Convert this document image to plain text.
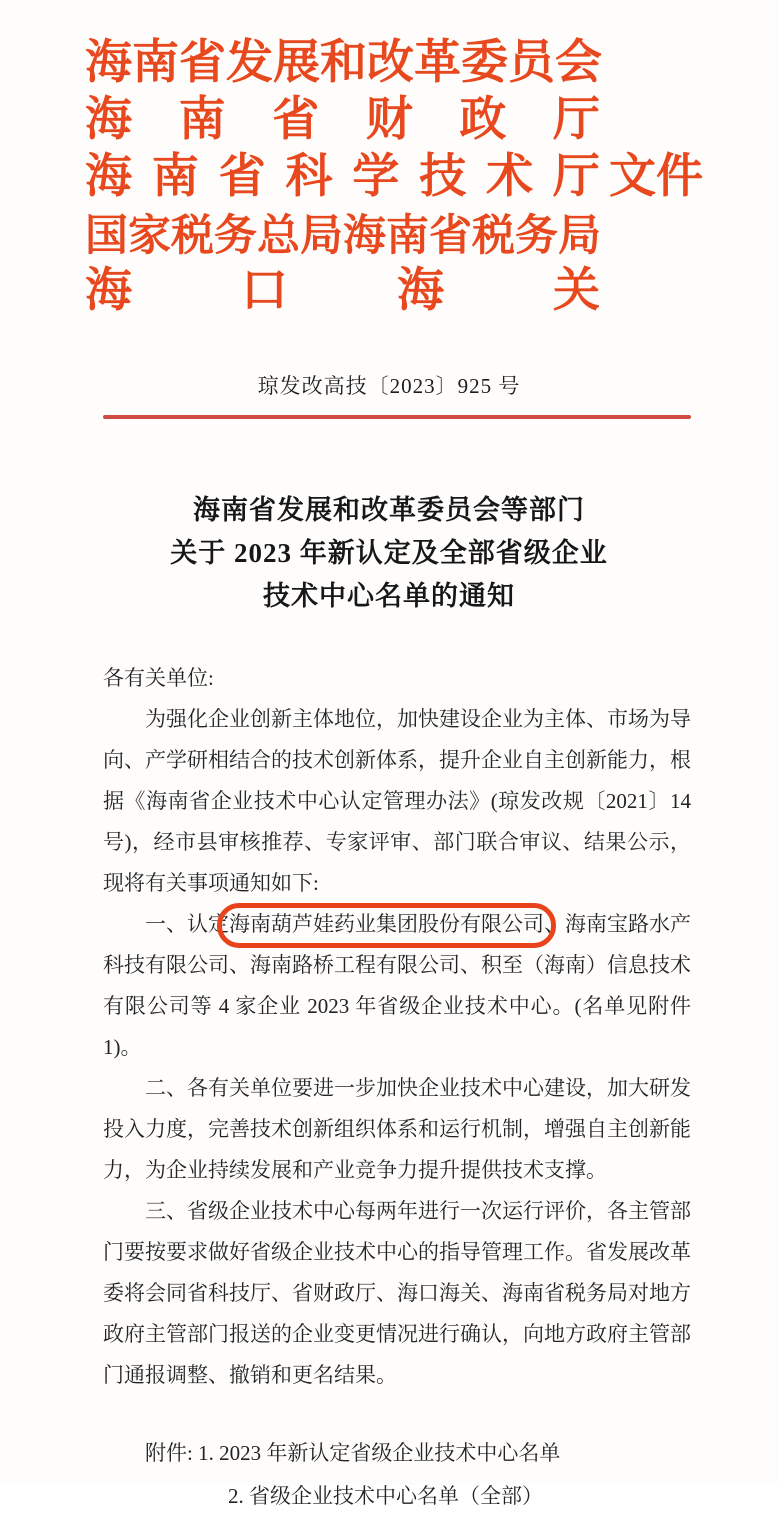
海 南 省 发 展 和 改 革 委 员 会
海 南 省 财 政 厅
海 南 省 科 学 技 术 厅 文件
国 家 税 务 总 局 海 南 省 税 务 局
海 口 海 关
琼发改高技〔2023〕925 号
海南省发展和改革委员会等部门
关于 2023 年新认定及全部省级企业
技术中心名单的通知

各有关单位:

为强化企业创新主体地位，加快建设企业为主体、市场为导向、产学研相结合的技术创新体系，提升企业自主创新能力，根据《海南省企业技术中心认定管理办法》(琼发改规〔2021〕14号)，经市县审核推荐、专家评审、部门联合审议、结果公示，现将有关事项通知如下:

一、认定海南葫芦娃药业集团股份有限公司、海南宝路水产科技有限公司、海南路桥工程有限公司、积至（海南）信息技术有限公司等 4 家企业 2023 年省级企业技术中心。(名单见附件 1)。

二、各有关单位要进一步加快企业技术中心建设，加大研发投入力度，完善技术创新组织体系和运行机制，增强自主创新能力，为企业持续发展和产业竞争力提升提供技术支撑。

三、省级企业技术中心每两年进行一次运行评价，各主管部门要按要求做好省级企业技术中心的指导管理工作。省发展改革委将会同省科技厅、省财政厅、海口海关、海南省税务局对地方政府主管部门报送的企业变更情况进行确认，向地方政府主管部门通报调整、撤销和更名结果。

附件: 1. 2023 年新认定省级企业技术中心名单
2. 省级企业技术中心名单（全部）
